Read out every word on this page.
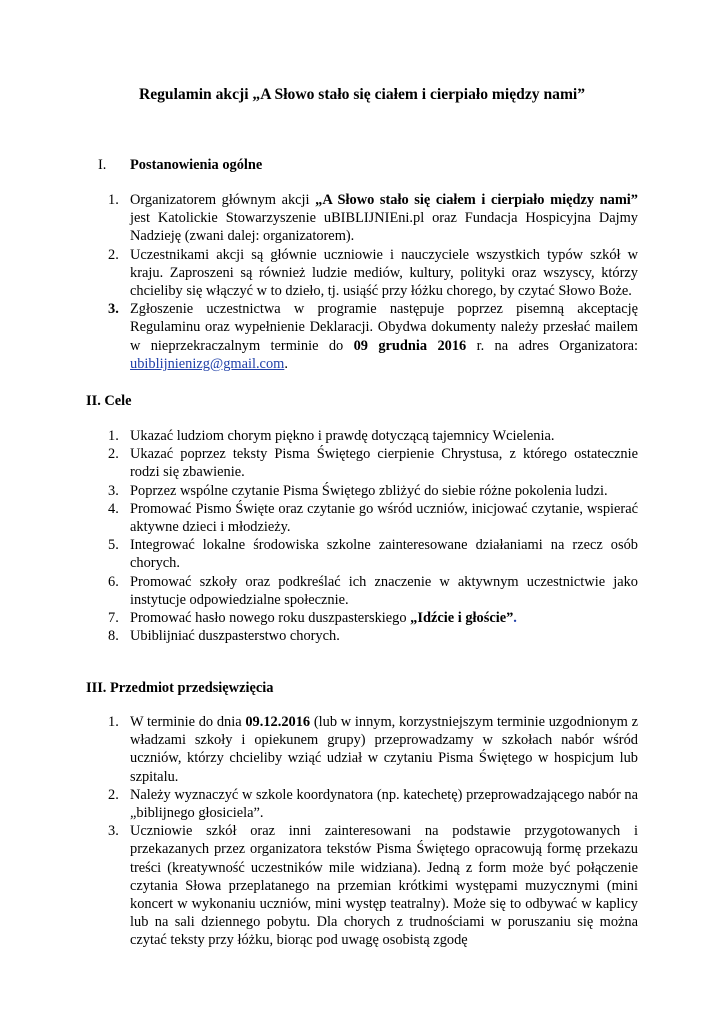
Regulamin akcji „A Słowo stało się ciałem i cierpiało między nami”
I. Postanowienia ogólne
1. Organizatorem głównym akcji „A Słowo stało się ciałem i cierpiało między nami” jest Katolickie Stowarzyszenie uBIBLIJNIEni.pl oraz Fundacja Hospicyjna Dajmy Nadzieję (zwani dalej: organizatorem).
2. Uczestnikami akcji są głównie uczniowie i nauczyciele wszystkich typów szkół w kraju. Zaproszeni są również ludzie mediów, kultury, polityki oraz wszyscy, którzy chcieliby się włączyć w to dzieło, tj. usiąść przy łóżku chorego, by czytać Słowo Boże.
3. Zgłoszenie uczestnictwa w programie następuje poprzez pisemną akceptację Regulaminu oraz wypełnienie Deklaracji. Obydwa dokumenty należy przesłać mailem w nieprzekraczalnym terminie do 09 grudnia 2016 r. na adres Organizatora: ubiblijnienizg@gmail.com.
II. Cele
1. Ukazać ludziom chorym piękno i prawdę dotyczącą tajemnicy Wcielenia.
2. Ukazać poprzez teksty Pisma Świętego cierpienie Chrystusa, z którego ostatecznie rodzi się zbawienie.
3. Poprzez wspólne czytanie Pisma Świętego zbliżyć do siebie różne pokolenia ludzi.
4. Promować Pismo Święte oraz czytanie go wśród uczniów, inicjować czytanie, wspierać aktywne dzieci i młodzieży.
5. Integrować lokalne środowiska szkolne zainteresowane działaniami na rzecz osób chorych.
6. Promować szkoły oraz podkreślać ich znaczenie w aktywnym uczestnictwie jako instytucje odpowiedzialne społecznie.
7. Promować hasło nowego roku duszpasterskiego „Idźcie i głoście”.
8. Ubiblijniać duszpasterstwo chorych.
III. Przedmiot przedsięwzięcia
1. W terminie do dnia 09.12.2016 (lub w innym, korzystniejszym terminie uzgodnionym z władzami szkoły i opiekunem grupy) przeprowadzamy w szkołach nabór wśród uczniów, którzy chcieliby wziąć udział w czytaniu Pisma Świętego w hospicjum lub szpitalu.
2. Należy wyznaczyć w szkole koordynatora (np. katechetę) przeprowadzającego nabór na „biblijnego głosiciela”.
3. Uczniowie szkół oraz inni zainteresowani na podstawie przygotowanych i przekazanych przez organizatora tekstów Pisma Świętego opracowują formę przekazu treści (kreatywność uczestników mile widziana). Jedną z form może być połączenie czytania Słowa przeplatanego na przemian krótkimi występami muzycznymi (mini koncert w wykonaniu uczniów, mini występ teatralny). Może się to odbywać w kaplicy lub na sali dziennego pobytu. Dla chorych z trudnościami w poruszaniu się można czytać teksty przy łóżku, biorąc pod uwagę osobistą zgodę
